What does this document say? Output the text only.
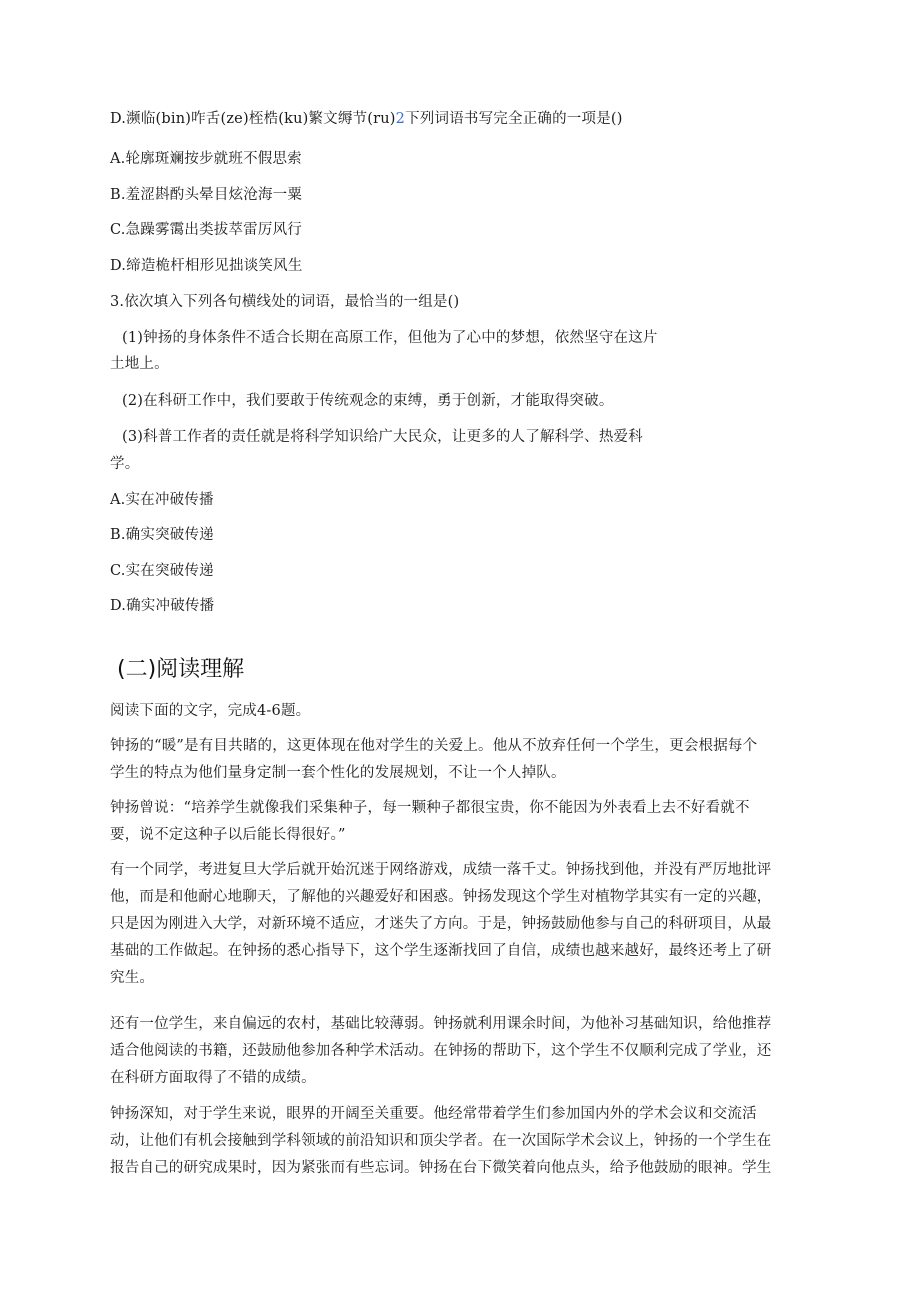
D.濒临(bin)咋舌(ze)桎梏(ku)繁文缛节(ru)2下列词语书写完全正确的一项是()
A.轮廓斑斓按步就班不假思索
B.羞涩斟酌头晕目炫沧海一粟
C.急躁雾霭出类拔萃雷厉风行
D.缔造桅杆相形见拙谈笑风生
3.依次填入下列各句横线处的词语，最恰当的一组是()
(1)钟扬的身体条件不适合长期在高原工作，但他为了心中的梦想，依然坚守在这片
土地上。
(2)在科研工作中，我们要敢于传统观念的束缚，勇于创新，才能取得突破。
(3)科普工作者的责任就是将科学知识给广大民众，让更多的人了解科学、热爱科
学。
A.实在冲破传播
B.确实突破传递
C.实在突破传递
D.确实冲破传播
(二)阅读理解
阅读下面的文字，完成4-6题。
钟扬的“暖”是有目共睹的，这更体现在他对学生的关爱上。他从不放弃任何一个学生，更会根据每个
学生的特点为他们量身定制一套个性化的发展规划，不让一个人掉队。
钟扬曾说：“培养学生就像我们采集种子，每一颗种子都很宝贵，你不能因为外表看上去不好看就不
要，说不定这种子以后能长得很好。”
有一个同学，考进复旦大学后就开始沉迷于网络游戏，成绩一落千丈。钟扬找到他，并没有严厉地批评
他，而是和他耐心地聊天，了解他的兴趣爱好和困惑。钟扬发现这个学生对植物学其实有一定的兴趣，
只是因为刚进入大学，对新环境不适应，才迷失了方向。于是，钟扬鼓励他参与自己的科研项目，从最
基础的工作做起。在钟扬的悉心指导下，这个学生逐渐找回了自信，成绩也越来越好，最终还考上了研
究生。
还有一位学生，来自偏远的农村，基础比较薄弱。钟扬就利用课余时间，为他补习基础知识，给他推荐
适合他阅读的书籍，还鼓励他参加各种学术活动。在钟扬的帮助下，这个学生不仅顺利完成了学业，还
在科研方面取得了不错的成绩。
钟扬深知，对于学生来说，眼界的开阔至关重要。他经常带着学生们参加国内外的学术会议和交流活
动，让他们有机会接触到学科领域的前沿知识和顶尖学者。在一次国际学术会议上，钟扬的一个学生在
报告自己的研究成果时，因为紧张而有些忘词。钟扬在台下微笑着向他点头，给予他鼓励的眼神。学生
